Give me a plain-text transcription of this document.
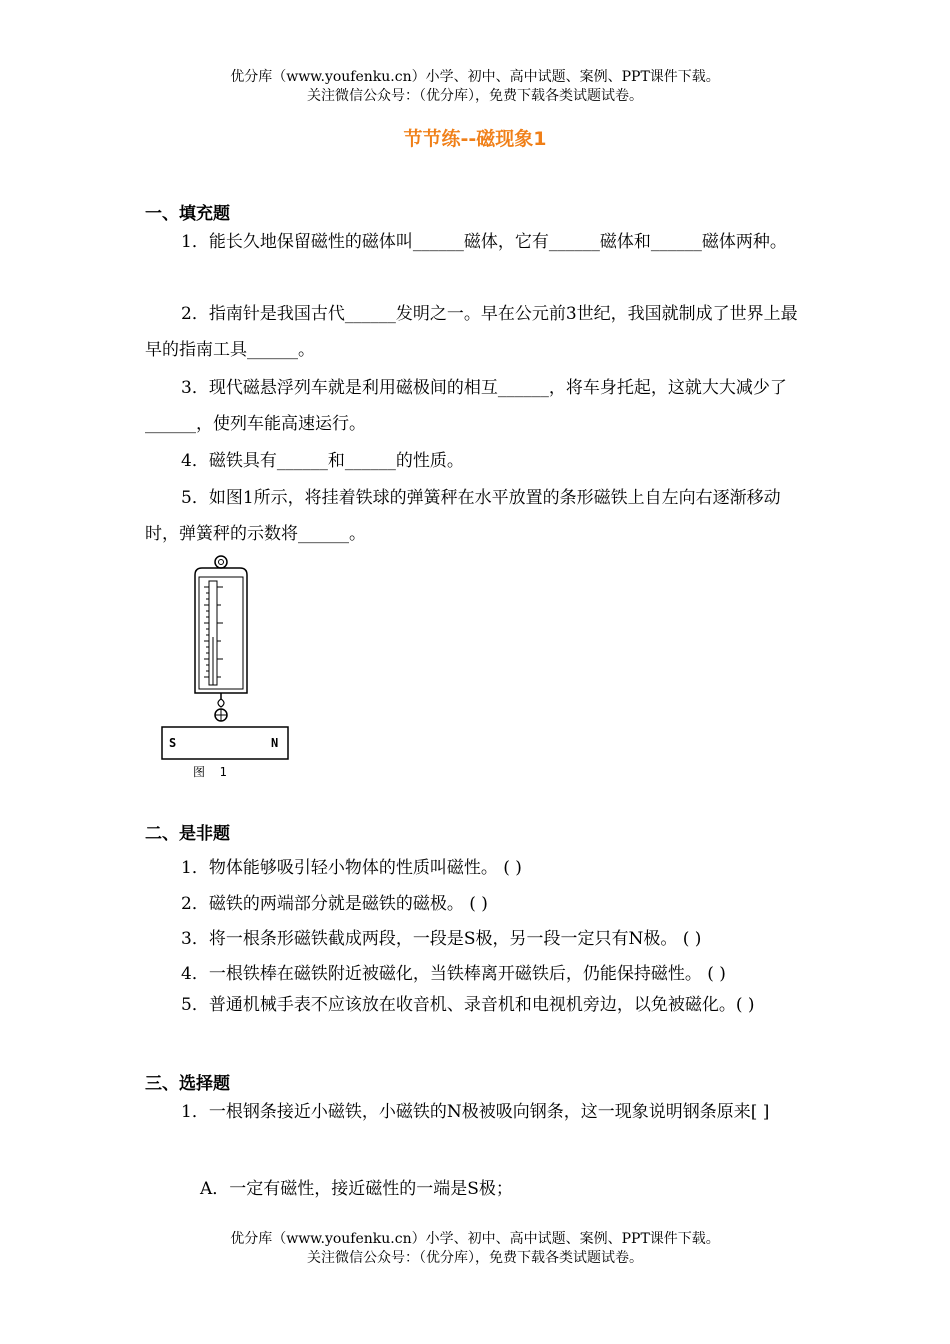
优分库（www.youfenku.cn）小学、初中、高中试题、案例、PPT课件下载。
关注微信公众号：（优分库），免费下载各类试题试卷。
节节练--磁现象1
一、填充题
1．能长久地保留磁性的磁体叫______磁体，它有______磁体和______磁体两种。
2．指南针是我国古代______发明之一。早在公元前3世纪，我国就制成了世界上最早的指南工具______。
3．现代磁悬浮列车就是利用磁极间的相互______，将车身托起，这就大大减少了______，使列车能高速运行。
4．磁铁具有______和______的性质。
5．如图1所示，将挂着铁球的弹簧秤在水平放置的条形磁铁上自左向右逐渐移动时，弹簧秤的示数将______。
S	N
图  1
二、是非题
1．物体能够吸引轻小物体的性质叫磁性。 ( )
2．磁铁的两端部分就是磁铁的磁极。 ( )
3．将一根条形磁铁截成两段，一段是S极，另一段一定只有N极。 ( )
4．一根铁棒在磁铁附近被磁化，当铁棒离开磁铁后，仍能保持磁性。 ( )
5．普通机械手表不应该放在收音机、录音机和电视机旁边，以免被磁化。( )
三、选择题
1．一根钢条接近小磁铁，小磁铁的N极被吸向钢条，这一现象说明钢条原来[ ]
A．一定有磁性，接近磁性的一端是S极；
优分库（www.youfenku.cn）小学、初中、高中试题、案例、PPT课件下载。
关注微信公众号：（优分库），免费下载各类试题试卷。
